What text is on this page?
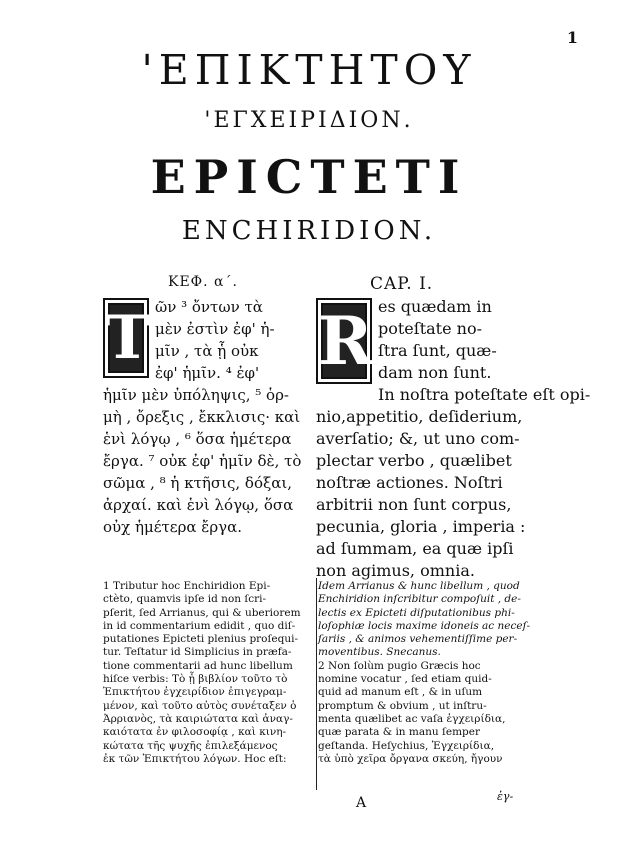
1
'ΕΠΙΚΤΗΤΟΥ
'ΕΓΧΕΙΡΙΔΙΟΝ.
EPICTETI
ENCHIRIDION.
ΚΕΦ. α΄.	CAP. I.
T ῶν ³ ὄντων τὰ
μὲν ἐστὶν ἐφ' ἡ-
μῖν , τὰ ᾗ οὐκ
ἐφ' ἡμῖν. ⁴ ἐφ'
ἡμῖν μὲν ὑπόληψις, ⁵ ὁρ-
μὴ , ὄρεξις , ἔκκλισις· καὶ
ἑνὶ λόγῳ , ⁶ ὅσα ἡμέτερα
ἔργα. ⁷ οὐκ ἐφ' ἡμῖν δὲ, τὸ
σῶμα , ⁸ ἡ κτῆσις, δόξαι,
ἀρχαί. καὶ ἑνὶ λόγῳ, ὅσα
οὐχ ἡμέτερα ἔργα.
R es quædam in
poteſtate no-
ſtra ſunt, quæ-
dam non ſunt.
In noſtra poteſtate eſt opi-
nio,appetitio, deſiderium,
averſatio; &, ut uno com-
plectar verbo , quælibet
noſtræ actiones. Noſtri
arbitrii non ſunt corpus,
pecunia, gloria , imperia :
ad ſummam, ea quæ ipſi
non agimus, omnia.
1 Tributur hoc Enchiridion Epi-
ctèto, quamvis ipſe id non ſcri-
pſerit, ſed Arrianus, qui & uberiorem
in id commentarium edidit , quo diſ-
putationes Epicteti plenius proſequi-
tur. Teſtatur id Simplicius in præfa-
tione commentarii ad hunc libellum
hiſce verbis: Τὸ ᾗ βιβλίον τοῦτο τὸ
Ἐπικτήτου ἐγχειρίδιον ἐπιγεγραμ-
μένον, καὶ τοῦτο αὐτὸς συνέταξεν ὁ
Ἀρριανὸς, τὰ καιριώτατα καὶ ἀναγ-
καιότατα ἐν φιλοσοφίᾳ , καὶ κινη-
κώτατα τῆς ψυχῆς ἐπιλεξάμενος
ἐκ τῶν Ἐπικτήτου λόγων. Hoc eſt:
Idem Arrianus & hunc libellum , quod
Enchiridion inſcribitur compoſuit , de-
lectis ex Epicteti diſputationibus phi-
loſophiæ locis maxime idoneis ac neceſ-
ſariis , & animos vehementiſſime per-
moventibus. Snecanus.
2 Non ſolùm pugio Græcis hoc
nomine vocatur , ſed etiam quid-
quid ad manum eſt , & in uſum
promptum & obvium , ut inſtru-
menta quælibet ac vaſa ἐγχειρίδια,
quæ parata & in manu ſemper
geſtanda. Heſychius, Ἐγχειρίδια,
τὰ ὑπὸ χεῖρα ὄργανα σκεύη, ἤγουν
A	ἐγ-
